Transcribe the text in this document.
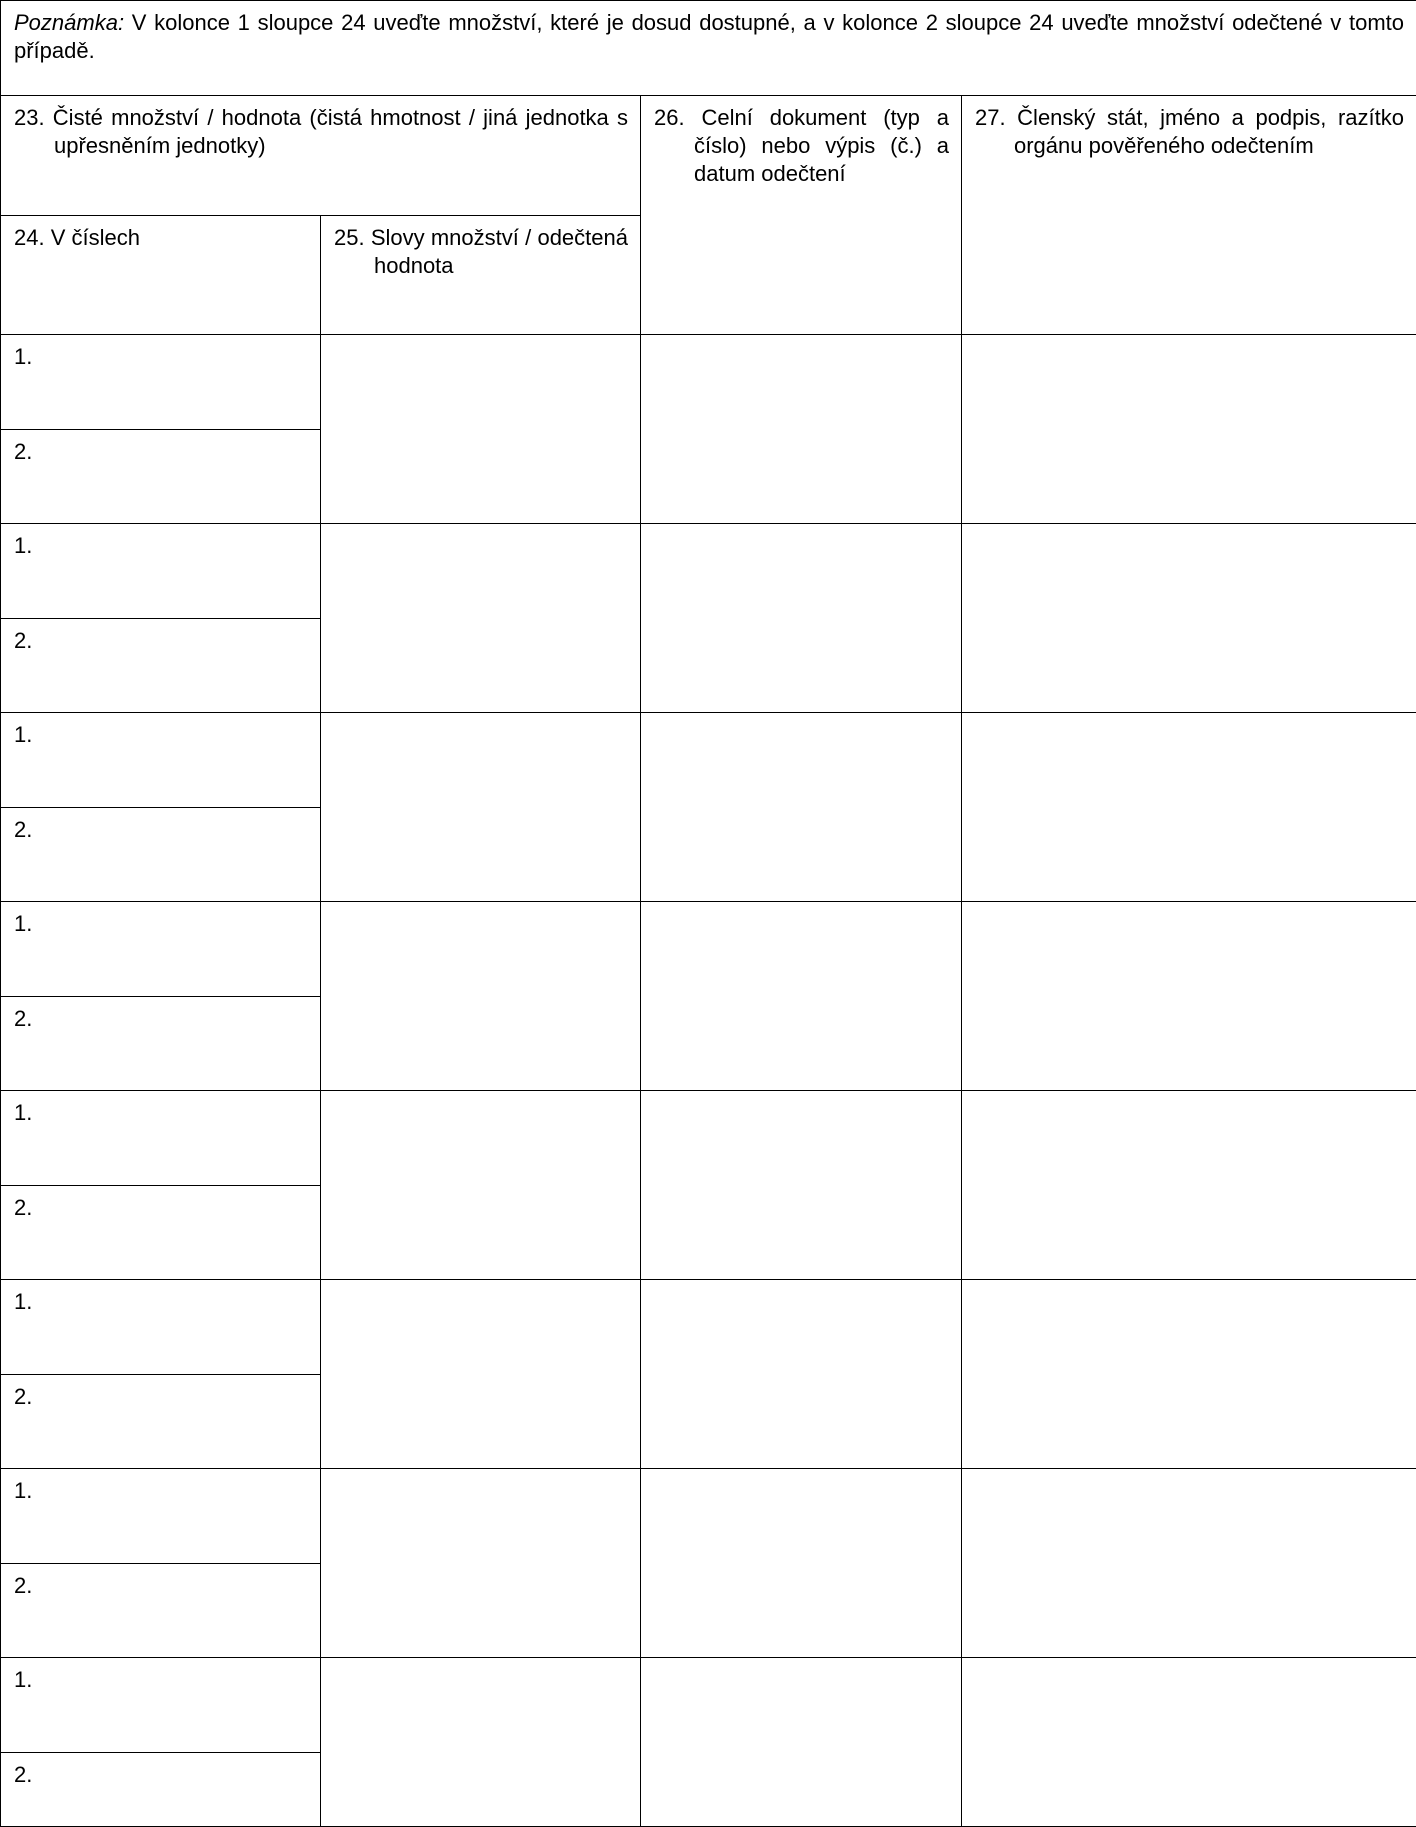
Poznámka: V kolonce 1 sloupce 24 uveďte množství, které je dosud dostupné, a v kolonce 2 sloupce 24 uveďte množství odečtené v tomto případě.			

23. Čisté množství / hodnota (čistá hmotnost / jiná jednotka s upřesněním jednotky)		26. Celní dokument (typ a číslo) nebo výpis (č.) a datum odečtení	27. Členský stát, jméno a podpis, razítko orgánu pověřeného odečtením

24. V číslech	25. Slovy množství / odečtená hodnota		

1.			
2.			
1.			
2.			
1.			
2.			
1.			
2.			
1.			
2.			
1.			
2.			
1.			
2.			
1.			
2.			
